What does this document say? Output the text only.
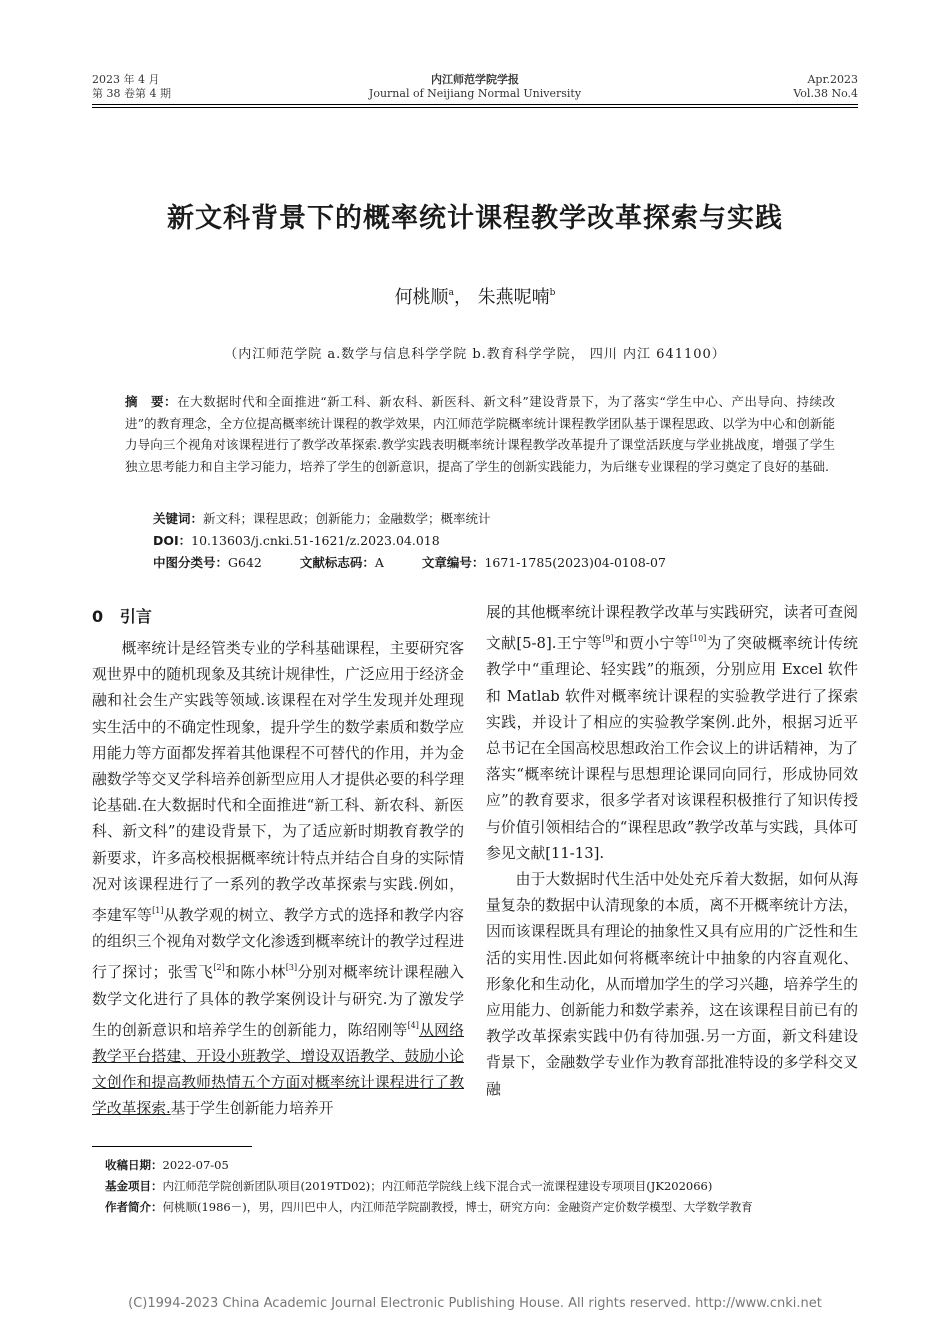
2023 年 4 月
第 38 卷第 4 期
内江师范学院学报
Journal of Neijiang Normal University
Apr.2023
Vol.38 No.4
新文科背景下的概率统计课程教学改革探索与实践
何桃顺$^a$， 朱燕呢喃$^b$
（内江师范学院 a.数学与信息科学学院 b.教育科学学院， 四川 内江 641100）
摘　要：在大数据时代和全面推进“新工科、新农科、新医科、新文科”建设背景下，为了落实“学生中心、产出导向、持续改进”的教育理念，全方位提高概率统计课程的教学效果，内江师范学院概率统计课程教学团队基于课程思政、以学为中心和创新能力导向三个视角对该课程进行了教学改革探索.教学实践表明概率统计课程教学改革提升了课堂活跃度与学业挑战度，增强了学生独立思考能力和自主学习能力，培养了学生的创新意识，提高了学生的创新实践能力，为后继专业课程的学习奠定了良好的基础.
关键词：新文科；课程思政；创新能力；金融数学；概率统计
DOI：10.13603/j.cnki.51-1621/z.2023.04.018
中图分类号：G642	文献标志码：A	文章编号：1671-1785(2023)04-0108-07
0 引言

概率统计是经管类专业的学科基础课程，主要研究客观世界中的随机现象及其统计规律性，广泛应用于经济金融和社会生产实践等领域.该课程在对学生发现并处理现实生活中的不确定性现象，提升学生的数学素质和数学应用能力等方面都发挥着其他课程不可替代的作用，并为金融数学等交叉学科培养创新型应用人才提供必要的科学理论基础.在大数据时代和全面推进“新工科、新农科、新医科、新文科”的建设背景下，为了适应新时期教育教学的新要求，许多高校根据概率统计特点并结合自身的实际情况对该课程进行了一系列的教学改革探索与实践.例如，李建军等[1]从教学观的树立、教学方式的选择和教学内容的组织三个视角对数学文化渗透到概率统计的教学过程进行了探讨；张雪飞[2]和陈小林[3]分别对概率统计课程融入数学文化进行了具体的教学案例设计与研究.为了激发学生的创新意识和培养学生的创新能力，陈绍刚等[4]从网络教学平台搭建、开设小班教学、增设双语教学、鼓励小论文创作和提高教师热情五个方面对概率统计课程进行了教学改革探索.基于学生创新能力培养开

展的其他概率统计课程教学改革与实践研究，读者可查阅文献[5-8].王宁等[9]和贾小宁等[10]为了突破概率统计传统教学中“重理论、轻实践”的瓶颈，分别应用 Excel 软件和 Matlab 软件对概率统计课程的实验教学进行了探索实践，并设计了相应的实验教学案例.此外，根据习近平总书记在全国高校思想政治工作会议上的讲话精神，为了落实“概率统计课程与思想理论课同向同行，形成协同效应”的教育要求，很多学者对该课程积极推行了知识传授与价值引领相结合的“课程思政”教学改革与实践，具体可参见文献[11-13].

由于大数据时代生活中处处充斥着大数据，如何从海量复杂的数据中认清现象的本质，离不开概率统计方法，因而该课程既具有理论的抽象性又具有应用的广泛性和生活的实用性.因此如何将概率统计中抽象的内容直观化、形象化和生动化，从而增加学生的学习兴趣，培养学生的应用能力、创新能力和数学素养，这在该课程目前已有的教学改革探索实践中仍有待加强.另一方面，新文科建设背景下，金融数学专业作为教育部批准特设的多学科交叉融

收稿日期：2022-07-05
基金项目：内江师范学院创新团队项目(2019TD02)；内江师范学院线上线下混合式一流课程建设专项项目(JK202066)
作者简介：何桃顺(1986－)，男，四川巴中人，内江师范学院副教授，博士，研究方向：金融资产定价数学模型、大学数学教育
(C)1994-2023 China Academic Journal Electronic Publishing House. All rights reserved. http://www.cnki.net
